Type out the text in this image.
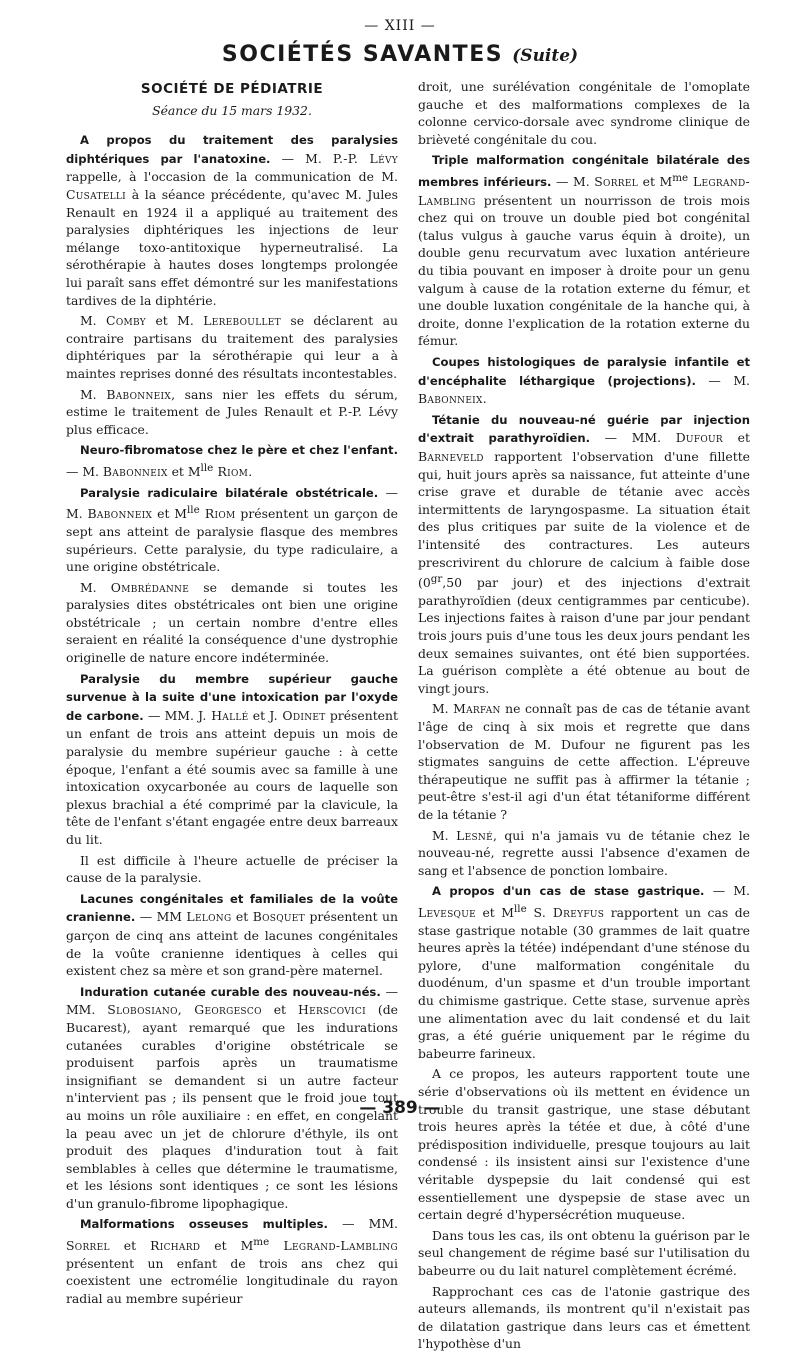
— XIII —
SOCIÉTÉS SAVANTES (Suite)
SOCIÉTÉ DE PÉDIATRIE
Séance du 15 mars 1932.

A propos du traitement des paralysies diphtériques par l'anatoxine. — M. P.-P. Lévy rappelle, à l'occasion de la communication de M. Cusatelli à la séance précédente, qu'avec M. Jules Renault en 1924 il a appliqué au traitement des paralysies diphtériques les injections de leur mélange toxo-antitoxique hyperneutralisé. La sérothérapie à hautes doses longtemps prolongée lui paraît sans effet démontré sur les manifestations tardives de la diphtérie.

M. Comby et M. Lereboullet se déclarent au contraire partisans du traitement des paralysies diphtériques par la sérothérapie qui leur a à maintes reprises donné des résultats incontestables.

M. Babonneix, sans nier les effets du sérum, estime le traitement de Jules Renault et P.-P. Lévy plus efficace.

Neuro-fibromatose chez le père et chez l'enfant. — M. Babonneix et $M^{lle}$ Riom.

Paralysie radiculaire bilatérale obstétricale. — M. Babonneix et $M^{lle}$ Riom présentent un garçon de sept ans atteint de paralysie flasque des membres supérieurs. Cette paralysie, du type radiculaire, a une origine obstétricale.

M. Ombrédanne se demande si toutes les paralysies dites obstétricales ont bien une origine obstétricale ; un certain nombre d'entre elles seraient en réalité la conséquence d'une dystrophie originelle de nature encore indéterminée.

Paralysie du membre supérieur gauche survenue à la suite d'une intoxication par l'oxyde de carbone. — MM. J. Hallé et J. Odinet présentent un enfant de trois ans atteint depuis un mois de paralysie du membre supérieur gauche : à cette époque, l'enfant a été soumis avec sa famille à une intoxication oxycarbonée au cours de laquelle son plexus brachial a été comprimé par la clavicule, la tête de l'enfant s'étant engagée entre deux barreaux du lit.

Il est difficile à l'heure actuelle de préciser la cause de la paralysie.

Lacunes congénitales et familiales de la voûte cranienne. — MM Lelong et Bosquet présentent un garçon de cinq ans atteint de lacunes congénitales de la voûte cranienne identiques à celles qui existent chez sa mère et son grand-père maternel.

Induration cutanée curable des nouveau-nés. — MM. Slobosiano, Georgesco et Herscovici (de Bucarest), ayant remarqué que les indurations cutanées curables d'origine obstétricale se produisent parfois après un traumatisme insignifiant se demandent si un autre facteur n'intervient pas ; ils pensent que le froid joue tout au moins un rôle auxiliaire : en effet, en congelant la peau avec un jet de chlorure d'éthyle, ils ont produit des plaques d'induration tout à fait semblables à celles que détermine le traumatisme, et les lésions sont identiques ; ce sont les lésions d'un granulo-fibrome lipophagique.

Malformations osseuses multiples. — MM. Sorrel et Richard et $M^{me}$ Legrand-Lambling présentent un enfant de trois ans chez qui coexistent une ectromélie longitudinale du rayon radial au membre supérieur

droit, une surélévation congénitale de l'omoplate gauche et des malformations complexes de la colonne cervico-dorsale avec syndrome clinique de brièveté congénitale du cou.

Triple malformation congénitale bilatérale des membres inférieurs. — M. Sorrel et $M^{me}$ Legrand-Lambling présentent un nourrisson de trois mois chez qui on trouve un double pied bot congénital (talus vulgus à gauche varus équin à droite), un double genu recurvatum avec luxation antérieure du tibia pouvant en imposer à droite pour un genu valgum à cause de la rotation externe du fémur, et une double luxation congénitale de la hanche qui, à droite, donne l'explication de la rotation externe du fémur.

Coupes histologiques de paralysie infantile et d'encéphalite léthargique (projections). — M. Babonneix.

Tétanie du nouveau-né guérie par injection d'extrait parathyroïdien. — MM. Dufour et Barneveld rapportent l'observation d'une fillette qui, huit jours après sa naissance, fut atteinte d'une crise grave et durable de tétanie avec accès intermittents de laryngospasme. La situation était des plus critiques par suite de la violence et de l'intensité des contractures. Les auteurs prescrivirent du chlorure de calcium à faible dose ($0^{gr},50$ par jour) et des injections d'extrait parathyroïdien (deux centigrammes par centicube). Les injections faites à raison d'une par jour pendant trois jours puis d'une tous les deux jours pendant les deux semaines suivantes, ont été bien supportées. La guérison complète a été obtenue au bout de vingt jours.

M. Marfan ne connaît pas de cas de tétanie avant l'âge de cinq à six mois et regrette que dans l'observation de M. Dufour ne figurent pas les stigmates sanguins de cette affection. L'épreuve thérapeutique ne suffit pas à affirmer la tétanie ; peut-être s'est-il agi d'un état tétaniforme différent de la tétanie ?

M. Lesné, qui n'a jamais vu de tétanie chez le nouveau-né, regrette aussi l'absence d'examen de sang et l'absence de ponction lombaire.

A propos d'un cas de stase gastrique. — M. Levesque et $M^{lle}$ S. Dreyfus rapportent un cas de stase gastrique notable (30 grammes de lait quatre heures après la tétée) indépendant d'une sténose du pylore, d'une malformation congénitale du duodénum, d'un spasme et d'un trouble important du chimisme gastrique. Cette stase, survenue après une alimentation avec du lait condensé et du lait gras, a été guérie uniquement par le régime du babeurre farineux.

A ce propos, les auteurs rapportent toute une série d'observations où ils mettent en évidence un trouble du transit gastrique, une stase débutant trois heures après la tétée et due, à côté d'une prédisposition individuelle, presque toujours au lait condensé : ils insistent ainsi sur l'existence d'une véritable dyspepsie du lait condensé qui est essentiellement une dyspepsie de stase avec un certain degré d'hypersécrétion muqueuse.

Dans tous les cas, ils ont obtenu la guérison par le seul changement de régime basé sur l'utilisation du babeurre ou du lait naturel complètement écrémé.

Rapprochant ces cas de l'atonie gastrique des auteurs allemands, ils montrent qu'il n'existait pas de dilatation gastrique dans leurs cas et émettent l'hypothèse d'un

— 389 —
